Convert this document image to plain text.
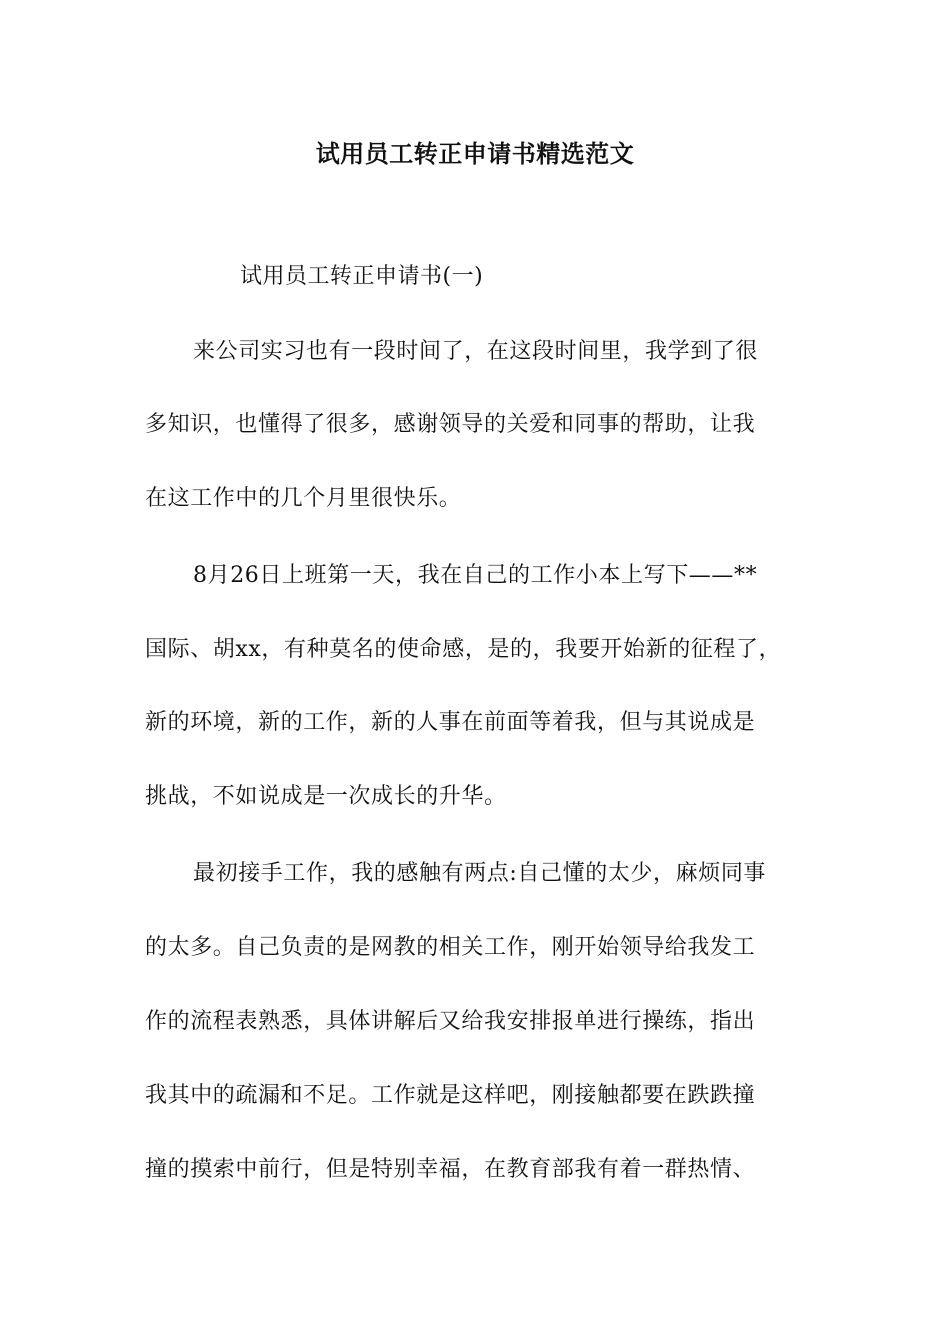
试用员工转正申请书精选范文
试用员工转正申请书(一)
来公司实习也有一段时间了，在这段时间里，我学到了很
多知识，也懂得了很多，感谢领导的关爱和同事的帮助，让我
在这工作中的几个月里很快乐。
8月26日上班第一天，我在自己的工作小本上写下——**
国际、胡xx，有种莫名的使命感，是的，我要开始新的征程了，
新的环境，新的工作，新的人事在前面等着我，但与其说成是
挑战，不如说成是一次成长的升华。
最初接手工作，我的感触有两点:自己懂的太少，麻烦同事
的太多。自己负责的是网教的相关工作，刚开始领导给我发工
作的流程表熟悉，具体讲解后又给我安排报单进行操练，指出
我其中的疏漏和不足。工作就是这样吧，刚接触都要在跌跌撞
撞的摸索中前行，但是特别幸福，在教育部我有着一群热情、
